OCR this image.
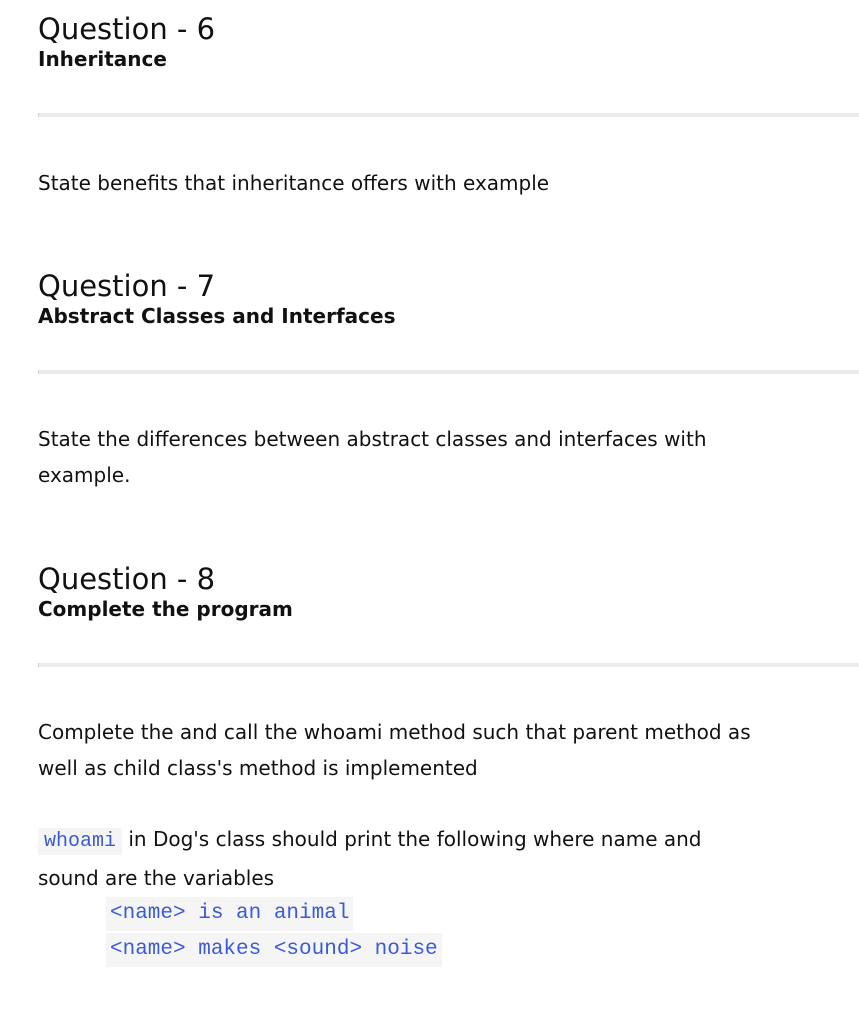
Question - 6
Inheritance

State benefits that inheritance offers with example

Question - 7
Abstract Classes and Interfaces
State the differences between abstract classes and interfaces with
example.
Question - 8
Complete the program
Complete the and call the whoami method such that parent method as
well as child class's method is implemented
whoami in Dog's class should print the following where name and
sound are the variables
<name> is an animal
<name> makes <sound> noise
